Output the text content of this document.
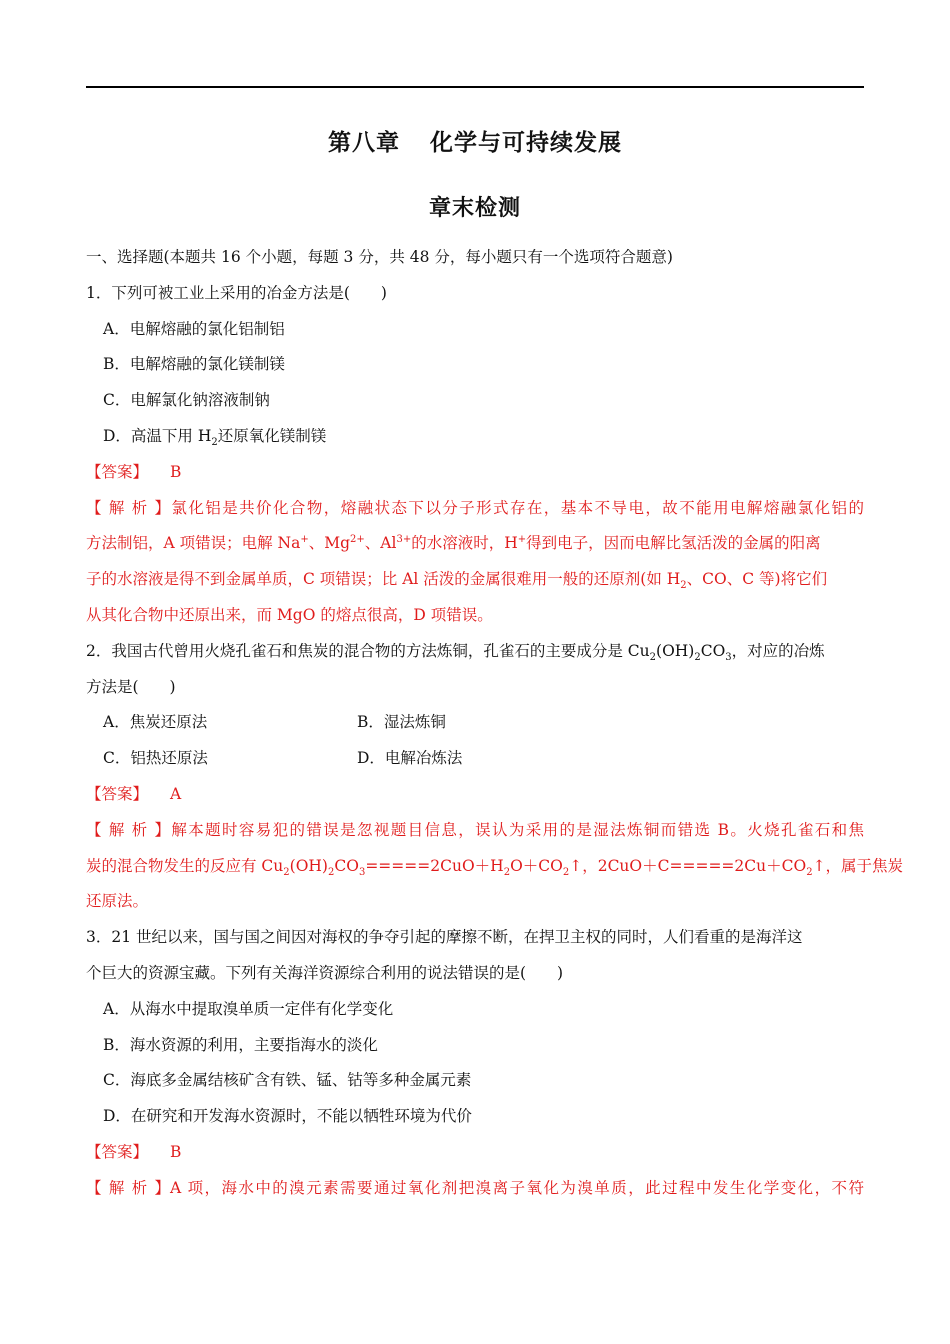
第八章 化学与可持续发展
章末检测
一、选择题(本题共 16 个小题，每题 3 分，共 48 分，每小题只有一个选项符合题意)
1．下列可被工业上采用的冶金方法是(　　)
A．电解熔融的氯化铝制铝
B．电解熔融的氯化镁制镁
C．电解氯化钠溶液制钠
D．高温下用 $H_2$还原氧化镁制镁
【答案】 B
【解析】氯化铝是共价化合物，熔融状态下以分子形式存在，基本不导电，故不能用电解熔融氯化铝的
方法制铝，A 项错误；电解 Na+、$Mg^{2+}$、$Al^{3+}$的水溶液时，H+得到电子，因而电解比氢活泼的金属的阳离
子的水溶液是得不到金属单质，C 项错误；比 Al 活泼的金属很难用一般的还原剂(如 $H_2$、CO、C 等)将它们
从其化合物中还原出来，而 MgO 的熔点很高，D 项错误。
2．我国古代曾用火烧孔雀石和焦炭的混合物的方法炼铜，孔雀石的主要成分是 $Cu_2(OH)_2CO_3$，对应的冶炼
方法是(　　)
A．焦炭还原法	B．湿法炼铜
C．铝热还原法	D．电解冶炼法
【答案】 A
【解析】解本题时容易犯的错误是忽视题目信息，误认为采用的是湿法炼铜而错选 B。火烧孔雀石和焦
炭的混合物发生的反应有 $Cu_2(OH)_2CO_3=====2CuO+H_2O+CO_2↑$，$2CuO+C=====2Cu+CO_2↑$，属于焦炭
还原法。
3．21 世纪以来，国与国之间因对海权的争夺引起的摩擦不断，在捍卫主权的同时，人们看重的是海洋这
个巨大的资源宝藏。下列有关海洋资源综合利用的说法错误的是(　　)
A．从海水中提取溴单质一定伴有化学变化
B．海水资源的利用，主要指海水的淡化
C．海底多金属结核矿含有铁、锰、钴等多种金属元素
D．在研究和开发海水资源时，不能以牺牲环境为代价
【答案】 B
【解析】A 项，海水中的溴元素需要通过氧化剂把溴离子氧化为溴单质，此过程中发生化学变化，不符
